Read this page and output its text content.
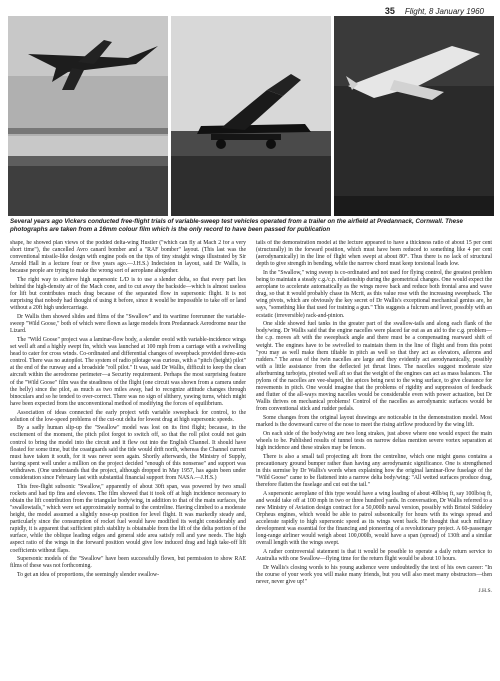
35 Flight, 8 January 1960
Several years ago Vickers conducted free-flight trials of variable-sweep test vehicles operated from a trailer on the airfield at Predannack, Cornwall. These photographs are taken from a 16mm colour film which is the only record to have been passed for publication

shape, he showed plan views of the podded delta-wing Hustler ("which can fly at Mach 2 for a very short time"), the cancelled Avro canard bomber and a "RAF bomber" layout. (This last was the conventional missile-like design with engine pods on the tips of tiny straight wings illustrated by Sir Arnold Hall in a lecture four or five years ago.—J.H.S.) Indecision in layout, said Dr Wallis, is because people are trying to make the wrong sort of aeroplane altogether.

The right way to achieve high supersonic L/D is to use a slender delta, so that every part lies behind the high-density air of the Mach cone, and to cut away the backside—which is almost useless for lift but contributes much drag because of the separated flow in supersonic flight. It is not surprising that nobody had thought of using it before, since it would be impossible to take off or land without a 20ft high undercarriage.

Dr Wallis then showed slides and films of the "Swallow" and its wartime forerunner the variable-sweep "Wild Goose," both of which were flown as large models from Predannack Aerodrome near the Lizard.

The "Wild Goose" project was a laminar-flow body, a slender ovoid with variable-incidence wings set well aft and a highly swept fin, which was launched at 100 mph from a carriage with a swivelling head to cater for cross winds. Co-ordinated and differential changes of sweepback provided three-axis control. There was no autopilot. The system of radio pilotage was curious, with a "pitch (height) pilot" at the end of the runway and a broadside "roll pilot." It was, said Dr Wallis, difficult to keep the clean aircraft within the aerodrome perimeter—a Security requirement. Perhaps the most surprising feature of the "Wild Goose" film was the steadiness of the flight (one circuit was shown from a camera under the belly) since the pilot, as much as two miles away, had to recognize attitude changes through binoculars and so he tended to over-correct. There was no sign of slithery, yawing turns, which might have been expected from the unconventional method of modifying the forces of equilibrium.

Association of ideas connected the early project with variable sweepback for control, to the solution of the low-speed problems of the cut-out delta for lowest drag at high supersonic speeds.

By a sadly human slip-up the "Swallow" model was lost on its first flight; because, in the excitement of the moment, the pitch pilot forgot to switch off, so that the roll pilot could not gain control to bring the model into the circuit and it flew out into the English Channel. It should have floated for some time, but the coastguards said the tide would drift north, whereas the Channel current must have taken it south, for it was never seen again. Shortly afterwards, the Ministry of Supply, having spent well under a million on the project decided "enough of this nonsense" and support was withdrawn. (One understands that the project, although dropped in May 1957, has again been under consideration since February last with substantial financial support from NASA.—J.H.S.)

This free-flight subsonic "Swallow," apparently of about 30ft span, was powered by two small rockets and had tip fins and elevons. The film showed that it took off at high incidence necessary to obtain the lift contribution from the triangular body/wing, in addition to that of the main surfaces, the "swallowtails," which were set approximately normal to the centreline. Having climbed to a moderate height, the model assumed a slightly nose-up position for level flight. It was markedly steady and, particularly since the consumption of rocket fuel would have modified its weight considerably and rapidly, it is apparent that sufficient pitch stability is obtainable from the lift of the delta portion of the surface, while the oblique leading edges and general side area satisfy roll and yaw needs. The high aspect ratio of the wings in the forward position would give low induced drag and high take-off lift coefficients without flaps.

Supersonic models of the "Swallow" have been successfully flown, but permission to show RAE films of these was not forthcoming.

To get an idea of proportions, the seemingly slender swallow-

tails of the demonstration model at the lecture appeared to have a thickness ratio of about 15 per cent (structurally) in the forward position, which must have been reduced to something like 4 per cent (aerodynamically) in the line of flight when swept at about 80°. Thus there is no lack of structural depth to give strength in bending, while the narrow chord must keep torsional loads low.

In the "Swallow," wing sweep is co-ordinated and not used for flying control, the greatest problem being to maintain a steady c.g./c.p. relationship during the geometrical changes. One would expect the aeroplane to accelerate automatically as the wings move back and reduce both frontal area and wave drag, so that it would probably chase its Mcrit, as this value rose with the increasing sweepback. The wing pivots, which are obviously the key secret of Dr Wallis's exceptional mechanical genius are, he says, "something like that used for training a gun." This suggests a fulcrum and lever, possibly with an ecstatic (irreversible) rack-and-pinion.

One slide showed fuel tanks in the greater part of the swallow-tails and along each flank of the body/wing. Dr Wallis said that the engine nacelles were placed far out as an aid to the c.g. problem—the c.p. moves aft with the sweepback angle and there must be a compensating rearward shift of weight. The engines have to be swivelled to maintain them in the line of flight and from this point "you may as well make them tiltable in pitch as well so that they act as elevators, ailerons and rudders." The areas of the twin nacelles are large and they evidently act aerodynamically, possibly with a little assistance from the deflected jet thrust lines. The nacelles suggest moderate size afterburning turbojets, pivoted well aft so that the weight of the engines can act as mass balances. The pylons of the nacelles are vee-shaped, the apices being next to the wing surface, to give clearance for movements in pitch. One would imagine that the problems of rigidity and suppression of feedback and flutter of the all-ways moving nacelles would be considerable even with power actuation, but Dr Wallis thrives on mechanical problems! Control of the nacelles as aerodynamic surfaces would be from conventional stick and rudder pedals.

Some changes from the original layout drawings are noticeable in the demonstration model. Most marked is the downward curve of the nose to meet the rising airflow produced by the wing lift.

On each side of the body/wing are two long strakes, just above where one would expect the main wheels to be. Published results of tunnel tests on narrow deltas mention severe vortex separation at high incidence and these strakes may be fences.

There is also a small tail projecting aft from the centreline, which one might guess contains a precautionary ground bumper rather than having any aerodynamic significance. One is strengthened in this surmise by Dr Wallis's words when explaining how the original laminar-flow fuselage of the "Wild Goose" came to be flattened into a narrow delta body/wing: "All wetted surfaces produce drag, therefore flatten the fuselage and cut out the tail."

A supersonic aeroplane of this type would have a wing loading of about 40lb/sq ft, say 100lb/sq ft, and would take off at 100 mph in two or three hundred yards. In conversation, Dr Wallis referred to a new Ministry of Aviation design contract for a 50,000lb naval version, possibly with Bristol Siddeley Orpheus engines, which would be able to patrol subsonically for hours with its wings spread and accelerate rapidly to high supersonic speed as its wings went back. He thought that such military development was essential for the financing and pioneering of a revolutionary project. A 60-passenger long-range airliner would weigh about 100,000lb, would have a span (spread) of 130ft and a similar overall length with the wings swept.

A rather controversial statement is that it would be possible to operate a daily return service to Australia with one Swallow—flying time for the return flight would be about 10 hours.

Dr Wallis's closing words to his young audience were undoubtedly the text of his own career: "In the course of your work you will make many friends, but you will also meet many obstructors—then never, never give up!"

J.H.S.
